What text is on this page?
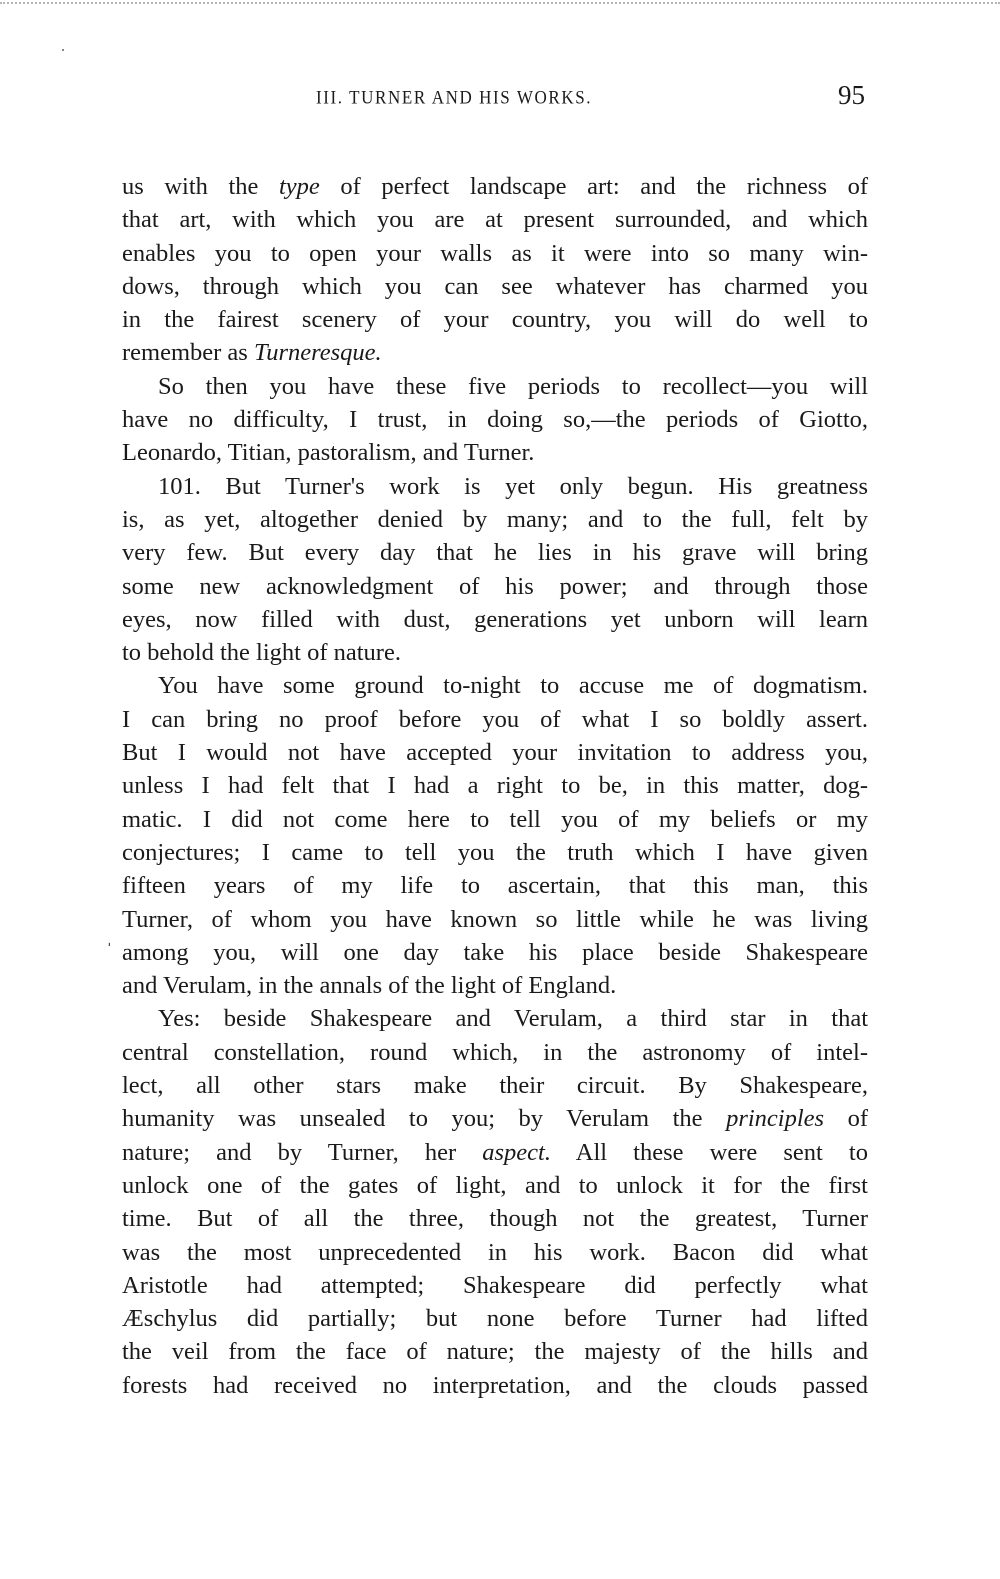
III. TURNER AND HIS WORKS.	95
ˈ
us with the type of perfect landscape art: and the richness of
that art, with which you are at present surrounded, and which
enables you to open your walls as it were into so many win-
dows, through which you can see whatever has charmed you
in the fairest scenery of your country, you will do well to
remember as Turneresque.
So then you have these five periods to recollect—you will
have no difficulty, I trust, in doing so,—the periods of Giotto,
Leonardo, Titian, pastoralism, and Turner.
101. But Turner's work is yet only begun. His greatness
is, as yet, altogether denied by many; and to the full, felt by
very few. But every day that he lies in his grave will bring
some new acknowledgment of his power; and through those
eyes, now filled with dust, generations yet unborn will learn
to behold the light of nature.
You have some ground to-night to accuse me of dogmatism.
I can bring no proof before you of what I so boldly assert.
But I would not have accepted your invitation to address you,
unless I had felt that I had a right to be, in this matter, dog-
matic. I did not come here to tell you of my beliefs or my
conjectures; I came to tell you the truth which I have given
fifteen years of my life to ascertain, that this man, this
Turner, of whom you have known so little while he was living
among you, will one day take his place beside Shakespeare
and Verulam, in the annals of the light of England.
Yes: beside Shakespeare and Verulam, a third star in that
central constellation, round which, in the astronomy of intel-
lect, all other stars make their circuit. By Shakespeare,
humanity was unsealed to you; by Verulam the principles of
nature; and by Turner, her aspect. All these were sent to
unlock one of the gates of light, and to unlock it for the first
time. But of all the three, though not the greatest, Turner
was the most unprecedented in his work. Bacon did what
Aristotle had attempted; Shakespeare did perfectly what
Æschylus did partially; but none before Turner had lifted
the veil from the face of nature; the majesty of the hills and
forests had received no interpretation, and the clouds passed
